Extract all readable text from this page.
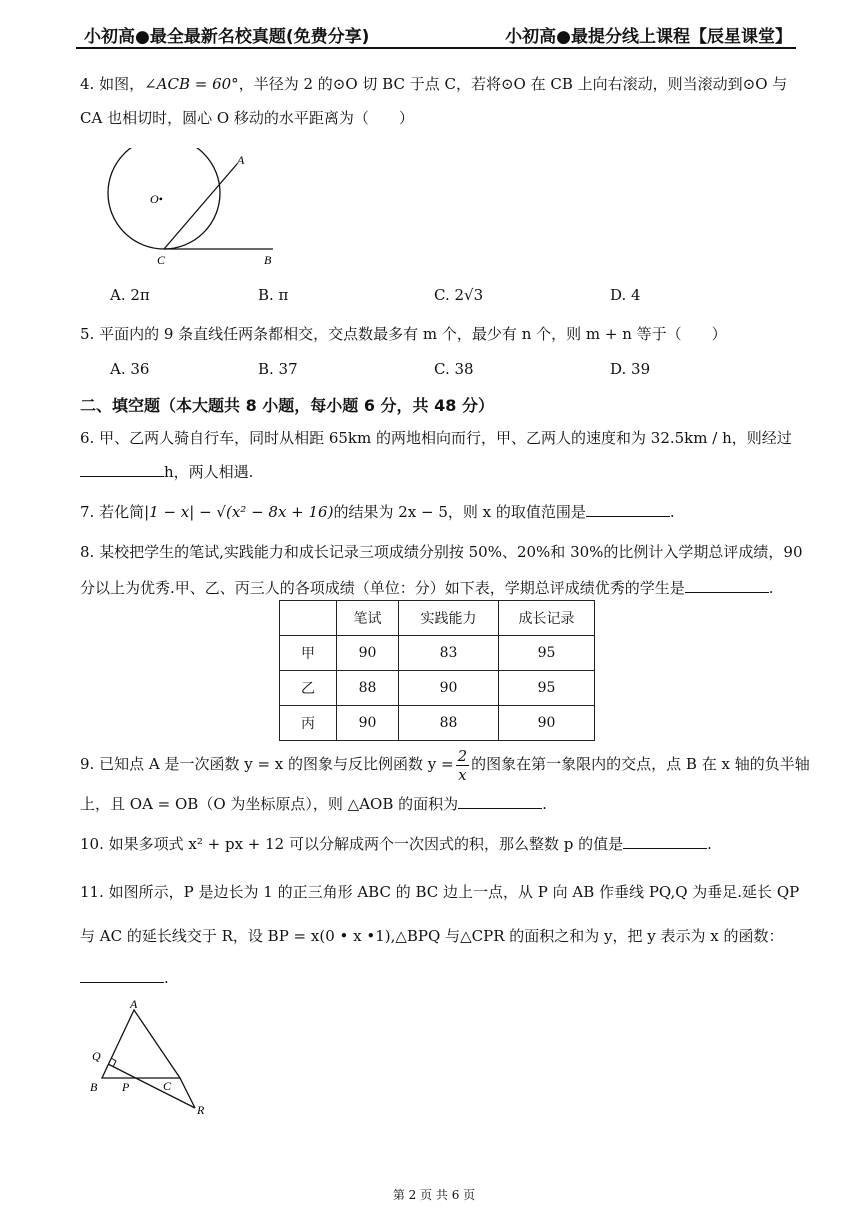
小初高●最全最新名校真题(免费分享)	小初高●最提分线上课程【辰星课堂】
4. 如图，∠ACB = 60°，半径为 2 的⊙O 切 BC 于点 C，若将⊙O 在 CB 上向右滚动，则当滚动到⊙O 与
CA 也相切时，圆心 O 移动的水平距离为（　　）
A
O•
C	B
A. 2π	B. π	C. 2√3	D. 4
5. 平面内的 9 条直线任两条都相交，交点数最多有 m 个，最少有 n 个，则 m + n 等于（　　）
A. 36	B. 37	C. 38	D. 39
二、填空题（本大题共 8 小题，每小题 6 分，共 48 分）
6. 甲、乙两人骑自行车，同时从相距 65km 的两地相向而行，甲、乙两人的速度和为 32.5km / h，则经过
h，两人相遇.
7. 若化简|1 − x| − √(x² − 8x + 16)的结果为 2x − 5，则 x 的取值范围是	.
8. 某校把学生的笔试,实践能力和成长记录三项成绩分别按 50%、20%和 30%的比例计入学期总评成绩，90
分以上为优秀.甲、乙、丙三人的各项成绩（单位：分）如下表，学期总评成绩优秀的学生是	.
	笔试	实践能力	成长记录
甲	90	83	95
乙	88	90	95
丙	90	88	90
9. 已知点 A 是一次函数 y = x 的图象与反比例函数 $y = \frac{2}{x}$ 的图象在第一象限内的交点，点 B 在 x 轴的负半轴
上，且 OA = OB（O 为坐标原点），则 △AOB 的面积为	.
10. 如果多项式 x² + px + 12 可以分解成两个一次因式的积，那么整数 p 的值是	.
11. 如图所示，P 是边长为 1 的正三角形 ABC 的 BC 边上一点，从 P 向 AB 作垂线 PQ,Q 为垂足.延长 QP
与 AC 的延长线交于 R，设 BP = x(0 • x •1),△BPQ 与△CPR 的面积之和为 y，把 y 表示为 x 的函数：
.
A
Q
B P	C
R
第 2 页 共 6 页
